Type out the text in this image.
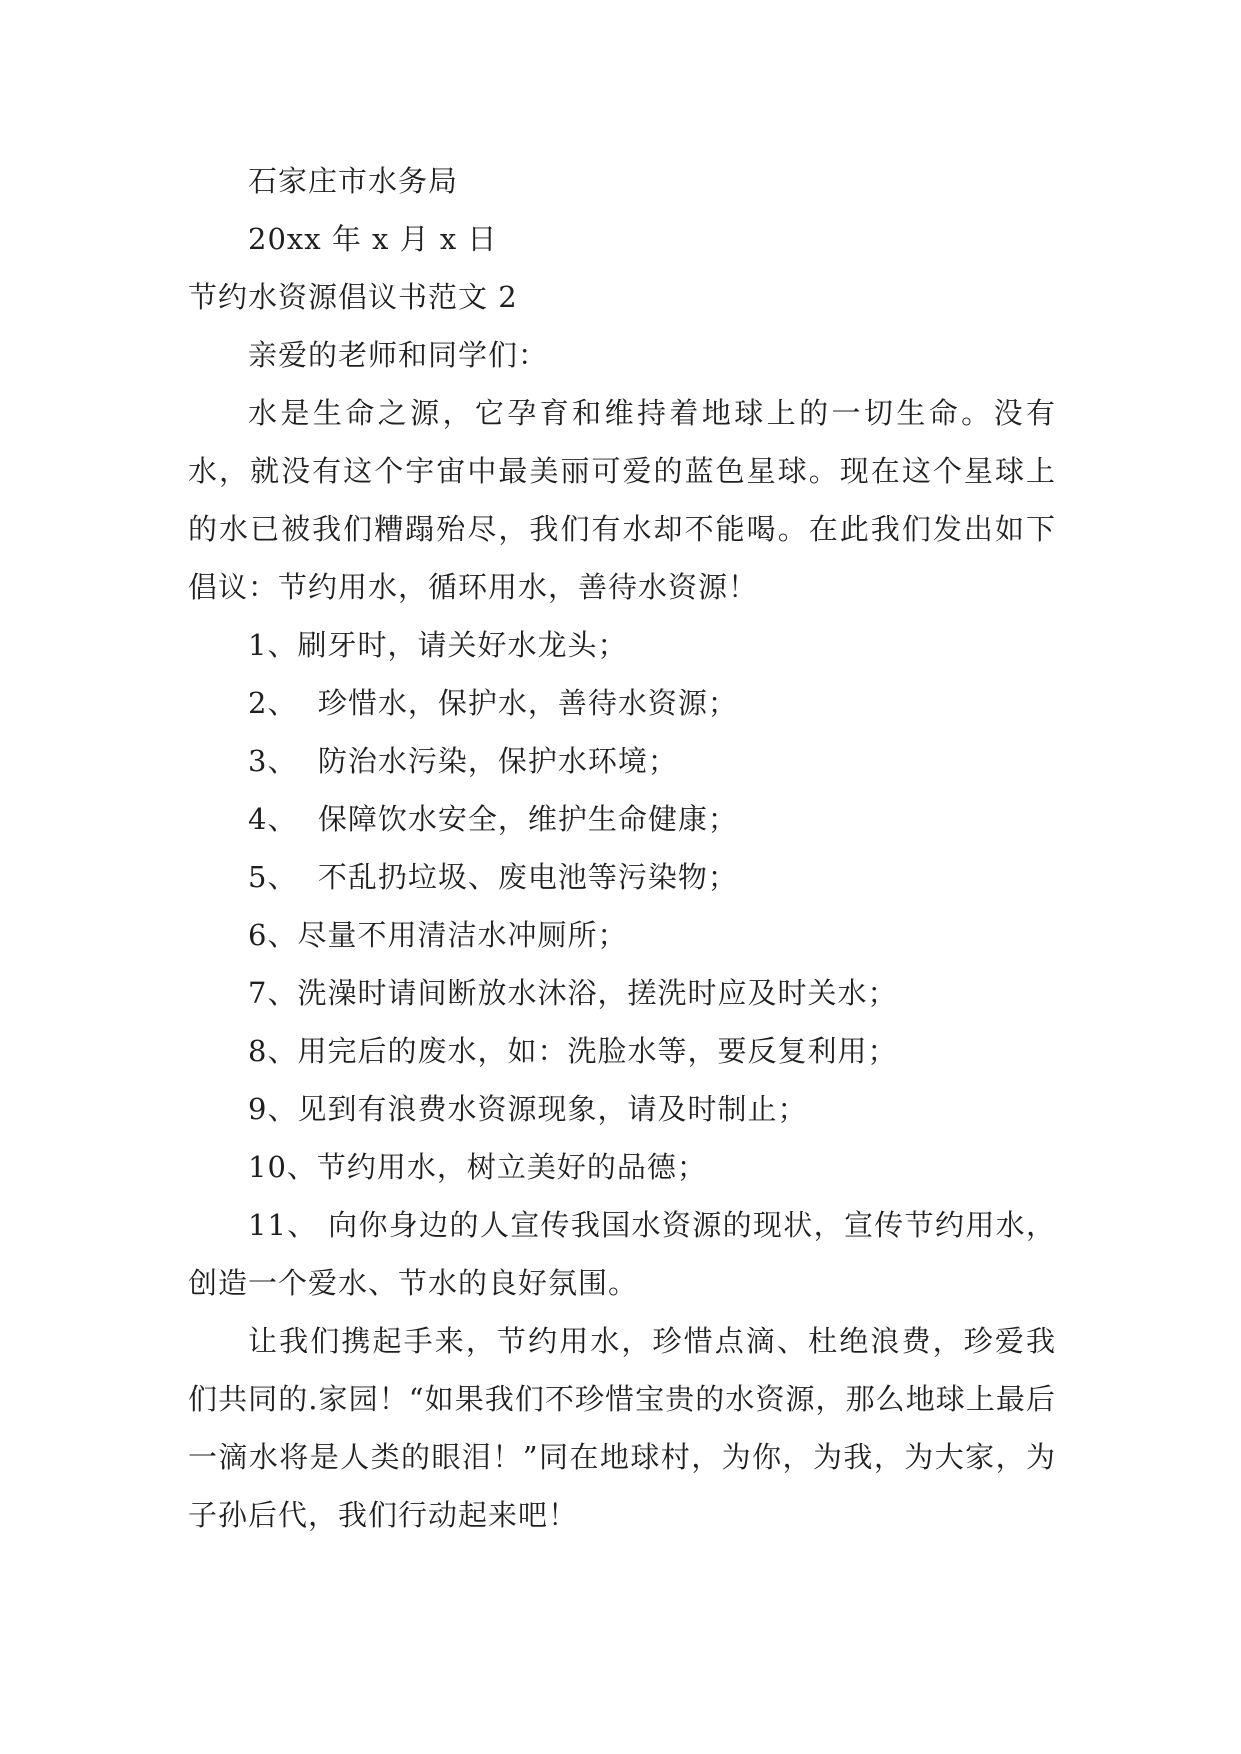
石家庄市水务局
20xx 年 x 月 x 日
节约水资源倡议书范文 2
亲爱的老师和同学们：

水是生命之源，它孕育和维持着地球上的一切生命。没有水，就没有这个宇宙中最美丽可爱的蓝色星球。现在这个星球上的水已被我们糟蹋殆尽，我们有水却不能喝。在此我们发出如下倡议：节约用水，循环用水，善待水资源！

1、刷牙时，请关好水龙头；
2、  珍惜水，保护水，善待水资源；
3、  防治水污染，保护水环境；
4、  保障饮水安全，维护生命健康；
5、  不乱扔垃圾、废电池等污染物；
6、尽量不用清洁水冲厕所；
7、洗澡时请间断放水沐浴，搓洗时应及时关水；
8、用完后的废水，如：洗脸水等，要反复利用；
9、见到有浪费水资源现象，请及时制止；
10、节约用水，树立美好的品德；

11、 向你身边的人宣传我国水资源的现状，宣传节约用水，创造一个爱水、节水的良好氛围。

让我们携起手来，节约用水，珍惜点滴、杜绝浪费，珍爱我们共同的.家园！“如果我们不珍惜宝贵的水资源，那么地球上最后一滴水将是人类的眼泪！”同在地球村，为你，为我，为大家，为子孙后代，我们行动起来吧！
